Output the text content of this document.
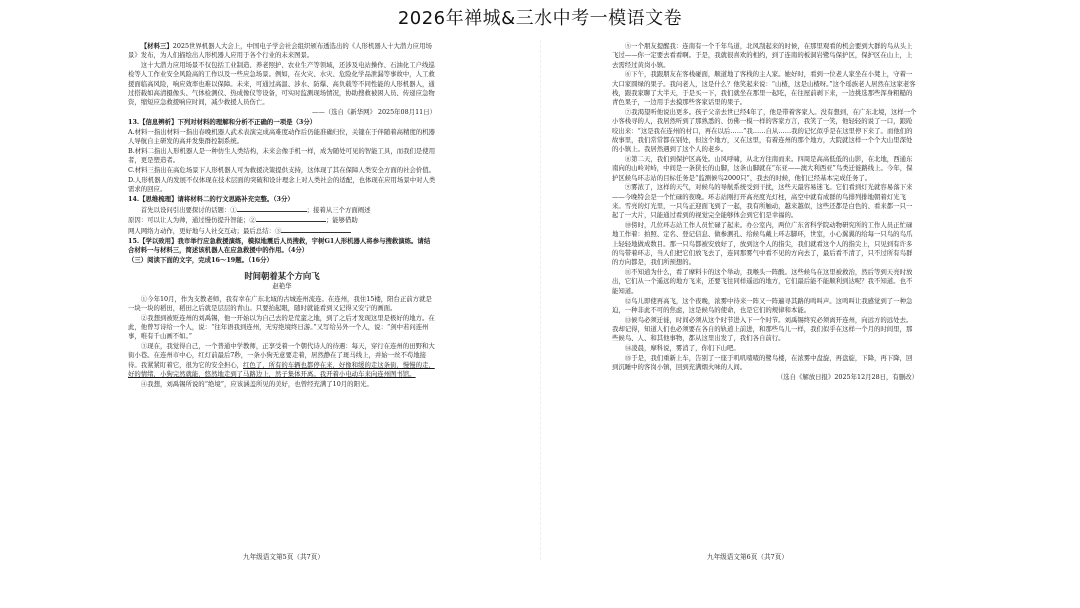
2026年禅城&三水中考一模语文卷

【材料三】2025世界机器人大会上，中国电子学会社会组织颁布透选出的《人形机器人十大潜力应用场景》发布，为人们描绘出人形机器人应用于各个行业的未来图景。

这十大潜力应用场景不仅包括工业制造、养老照护、农业生产等领域，还涉及电站操作、石油化工户线巡检等人工作业安全风险高的工作以及一些应急场景。例如，在火灾、水灾、危险化学品泄漏等事故中，人工救援面临高风险，响应效率也难以保障。未来，可通过高温、涉水、防爆、高负载等不同性能的人形机器人，通过搭载如高清摄像头、气体检测仪、热成像仪等设备，可实时监测现场情况，协助搜救被困人员、传递应急物资，缩短应急救援响应时间，减少救援人员伤亡。

——（选自《新华网》 2025年08月11日）

13.【信息辨析】下列对材料的理解和分析不正确的一项是（3分）

A.材料一指出材料一指出春晚机器人武术表演完成高难度动作后仍能准确归位，关键在于伴随着高精度的机器人导航自主研发的高并发集群控制系统。

B.材料二指出人形机器人是一种仿生人类结构，未来会像手机一样，成为随处可见的智能工具，而我们是使用者，更是塑造者。

C.材料三指出在高危场景下人形机器人可为救援决策提供支持，这体现了其在保障人类安全方面的社会价值。

D.人形机器人的发展不仅体现在技术层面的突破和设计理念上对人类社会的适配，也体现在应用场景中对人类需求的回应。

14.【思维梳理】请将材料二的行文思路补充完整。（3分）

首先以设问引出要探讨的话题：①	；接着从三个方面阐述

原因：可以让人为帅，通过慢仿提升智能；②	；能够借助

网人网络力动作，更好地与人社交互动；最后总结：③

15.【学以致用】我市举行应急救援演练，模拟地震后人员搜救，宇树G1人形机器人将参与搜救演练。请结合材料一与材料三，简述该机器人在应急救援中的作用。（4分）

（三）阅读下面的文字，完成16～19题。（16分）

时间朝着某个方向飞
赵艳华

①今年10月，作为支教老师，我有幸在广东北域的古城连州流连。在连州，我住15楼，阳台正前方就是一块一块的稻田，稻田之后就是层层的青山。只要抬起眼，随时就能看到又记得又安宁的画面。

②我想到被贬连州的刘禹锡，他一开始以为自己去的是荒蛮之地，到了之后才发现这里是极好的地方。在此，他曾写诗给一个人，说：“往年语我到连州，无穷绝境终日游。”又写给另外一个人，说：“剑中若问连州事，唯有千山画不如。”

③现在，我觉得自己，一个普通中学教师，正享受着一个朝代诗人的待遇：每天，穿行在连州的田野和大街小巷。在连州市中心，红灯前最后7秒，一条小狗无意要走着，居然静在了斑马线上，并始一丝不苟地接待。我紧紧盯着它，很为它的安全担心，红色了，所有的车辆也都停在来，好像和缓的走这条街，慢慢的走，好的情绪，小狗完然就能，悠然地走到了马路边上，然子集体开离。我开着小电动车来向连州图书馆。

④我想，刘禹锡所说的“绝境”，应该涵盖所见的美好，也曾经充满了10月的阳光。

九年级语文第5页（共7页）

⑤一个朋友提醒我：连南有一个千年鸟道，北风刮起来的时候，在那里观看的机会要到大群的鸟从头上飞过——你一定要去看看啊。于是，我就很喜欢的相约，到了连南的板洞岩鹭鸟保护区，保护区在山上，上去需经过黄岗小镇。

⑥下午，我跟朋友在客栈碰面，顺道地了客栈的主人家。她好时，看到一位老人家坐在小凳上，守着一大口家圆绿的果子。我问老人，这是什么？他笑起来说：“山楂，这是山楂呀。”这个瑶族老人居然在这家老客栈，跟我家聊了大半天，于是买一下，我们就坐在那里一起吃，在往屋前剥下来，一边挑选那些浑身粗糙的青色果子，一边用手去摸那些客家话里的果子。

⑦我渴望听他说出更多。孩子父亲去世已经4年了，他是带着客家人。没有想到，在广东北境，这样一个小客栈寻的人，我居然听到了那熟悉的、仿佛一模一样的客家方言，我笑了一笑，他轻轻的说了一口，踉跄咬出来：“这是我在连州的村口，再在以后……”我……自从……我的记忆似乎是在这里停下来了。而他们的故事里，我们常常都在别处，但这个地方，又在这里，有着连州的那个地方，大院就这样一个个大山里深处的小镇上。我居然遇到了这个人的老乡。

⑧第二天，我们到保护区高处。山风呼啸，从北方往南而来。四周是高高低低的山影，在北地，西通东南向的山岭对峙，中间是一条狭长的山脚，这条山脚就在“东亚——澳大利西亚”鸟类迁徙路线上。今年，保护区候鸟环志站的目标任务是“监测候鸟2000只”，我去的时候，他们已经基本完成任务了。

⑨雾浓了，这样的天气，对候鸟的导航系统受到干扰，这些天最容易迷飞。它们看到灯光就容易落下来——今晚特会是一个忙碌的夜晚。环志站刚打开高亮度光灯柱，高空中就有成群的鸟排列排地朝着灯光飞来。雪亮的灯光里，一只鸟正迎面飞到了一起，我有所触动，越来越似，这些还都是白色的、看来都一只一起了一大片，只能通过看到的视觉完全能够体会到它们是幸福的。

⑩傍时，几位环志站工作人员忙碌了起来。办公室内，两位广东省科学院动物研究所的工作人员正忙碌地工作着：拍照、定名、登记信息、做参测孔、给候鸟戴上环志脚环，世室，小心翼翼的给每一只鸟的鸟爪上轻轻地做成数目。那一只鸟都被安放好了，放到这个人的指尖，我们就看这个人的指尖上，只见到有许多的鸟带着环志，当人们把它们放飞去了，连同那雾气中看不见的方向去了，最后看不清了，只不过所有鸟群的方向都是，我们所预想的。

⑪不知道为什么，看了摩料卡的这个举动，我喉头一阵酸。这些候鸟在这里被救治，然后等到天亮时放出，它们从一个遥远的地方飞来，还要飞往同样遥远的地方，它们最后能不能顺利到达呢？我不知道。也不能知道。

⑫鸟儿即使再高飞，这个夜晚，浓雾中待来一阵又一阵遍寻其路的鸣叫声。这鸣叫让我感觉到了一种急迫，一种非此不可的焦虑，这是候鸟的使命，也是它们的规律和本能。

⑬候鸟必须迁徙，时间必须从这个时节进入下一个时节。刘禹锡终究必须离开连州，向远方的远处去。我却记得，知道人们也必须要在各自的轨道上前进，和那些鸟儿一样，我们似乎在这样一个月的时间里，那些候鸟、人、和其他事物，都从这里出发了，我们各自前行。

⑭凌晨，摩科说，雾消了，你们下山吧。

⑮于是，我们重新上车，告别了一座于叽叽喳喳的鹭鸟楼，在浓雾中盘旋，再盘旋，下降，再下降，回到沉睡中的客岗小镇，回到充满烟火味的人间。

（选自《解放日报》2025年12月28日，有删改）

九年级语文第6页（共7页）
